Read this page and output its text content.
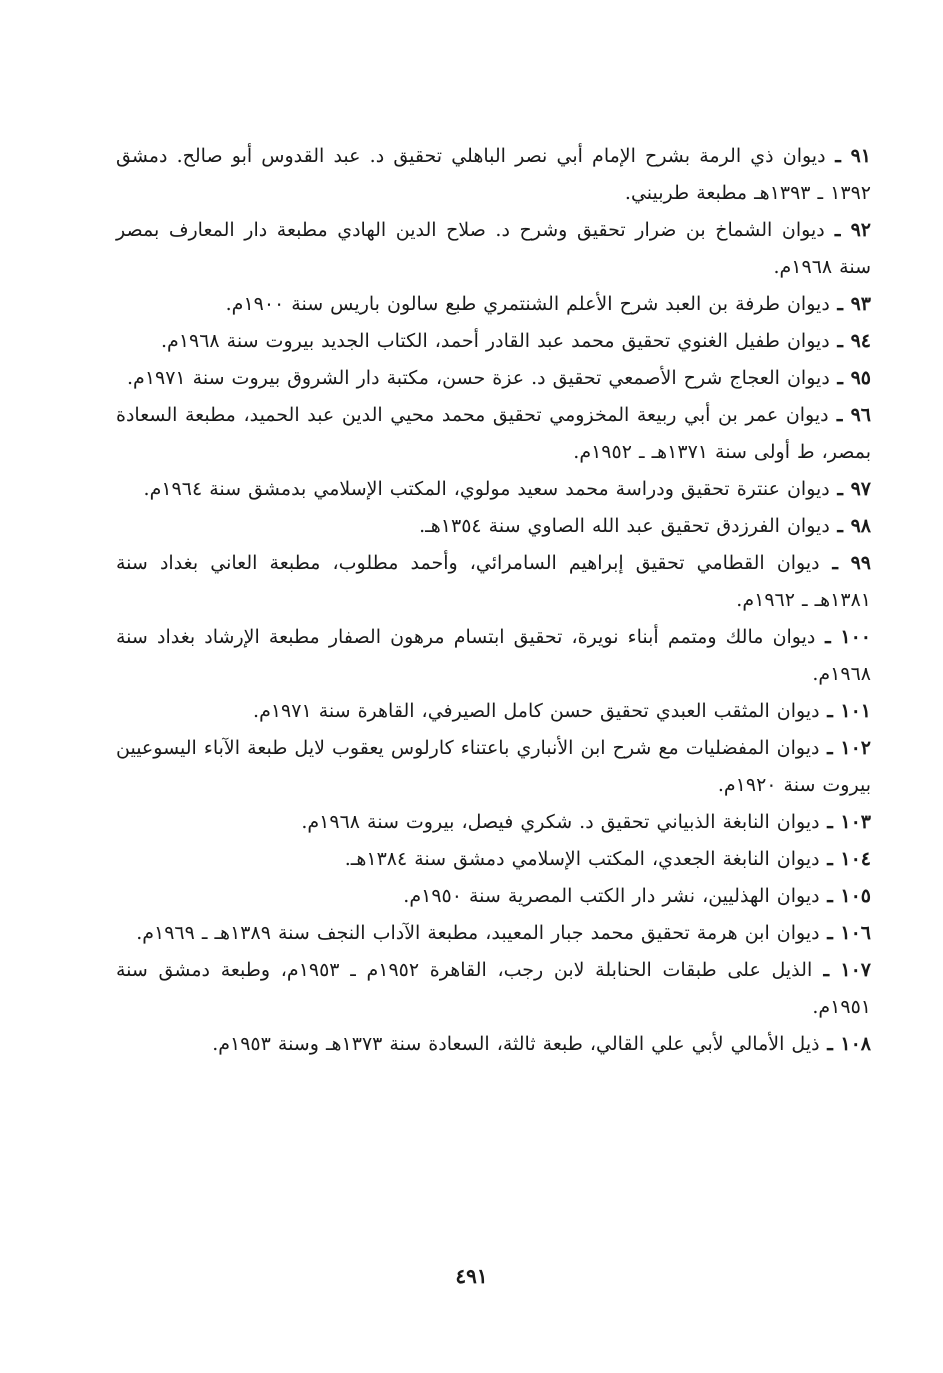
٩١ ـ ديوان ذي الرمة بشرح الإمام أبي نصر الباهلي تحقيق د. عبد القدوس أبو صالح. دمشق ١٣٩٢ ـ ١٣٩٣هـ مطبعة طربيني.
٩٢ ـ ديوان الشماخ بن ضرار تحقيق وشرح د. صلاح الدين الهادي مطبعة دار المعارف بمصر سنة ١٩٦٨م.
٩٣ ـ ديوان طرفة بن العبد شرح الأعلم الشنتمري طبع سالون باريس سنة ١٩٠٠م.
٩٤ ـ ديوان طفيل الغنوي تحقيق محمد عبد القادر أحمد، الكتاب الجديد بيروت سنة ١٩٦٨م.
٩٥ ـ ديوان العجاج شرح الأصمعي تحقيق د. عزة حسن، مكتبة دار الشروق بيروت سنة ١٩٧١م.
٩٦ ـ ديوان عمر بن أبي ربيعة المخزومي تحقيق محمد محيي الدين عبد الحميد، مطبعة السعادة بمصر، ط أولى سنة ١٣٧١هـ ـ ١٩٥٢م.
٩٧ ـ ديوان عنترة تحقيق ودراسة محمد سعيد مولوي، المكتب الإسلامي بدمشق سنة ١٩٦٤م.
٩٨ ـ ديوان الفرزدق تحقيق عبد الله الصاوي سنة ١٣٥٤هـ.
٩٩ ـ ديوان القطامي تحقيق إبراهيم السامرائي، وأحمد مطلوب، مطبعة العاني بغداد سنة ١٣٨١هـ ـ ١٩٦٢م.
١٠٠ ـ ديوان مالك ومتمم أبناء نويرة، تحقيق ابتسام مرهون الصفار مطبعة الإرشاد بغداد سنة ١٩٦٨م.
١٠١ ـ ديوان المثقب العبدي تحقيق حسن كامل الصيرفي، القاهرة سنة ١٩٧١م.
١٠٢ ـ ديوان المفضليات مع شرح ابن الأنباري باعتناء كارلوس يعقوب لايل طبعة الآباء اليسوعيين بيروت سنة ١٩٢٠م.
١٠٣ ـ ديوان النابغة الذبياني تحقيق د. شكري فيصل، بيروت سنة ١٩٦٨م.
١٠٤ ـ ديوان النابغة الجعدي، المكتب الإسلامي دمشق سنة ١٣٨٤هـ.
١٠٥ ـ ديوان الهذليين، نشر دار الكتب المصرية سنة ١٩٥٠م.
١٠٦ ـ ديوان ابن هرمة تحقيق محمد جبار المعيبد، مطبعة الآداب النجف سنة ١٣٨٩هـ ـ ١٩٦٩م.
١٠٧ ـ الذيل على طبقات الحنابلة لابن رجب، القاهرة ١٩٥٢م ـ ١٩٥٣م، وطبعة دمشق سنة ١٩٥١م.
١٠٨ ـ ذيل الأمالي لأبي علي القالي، طبعة ثالثة، السعادة سنة ١٣٧٣هـ وسنة ١٩٥٣م.
٤٩١
